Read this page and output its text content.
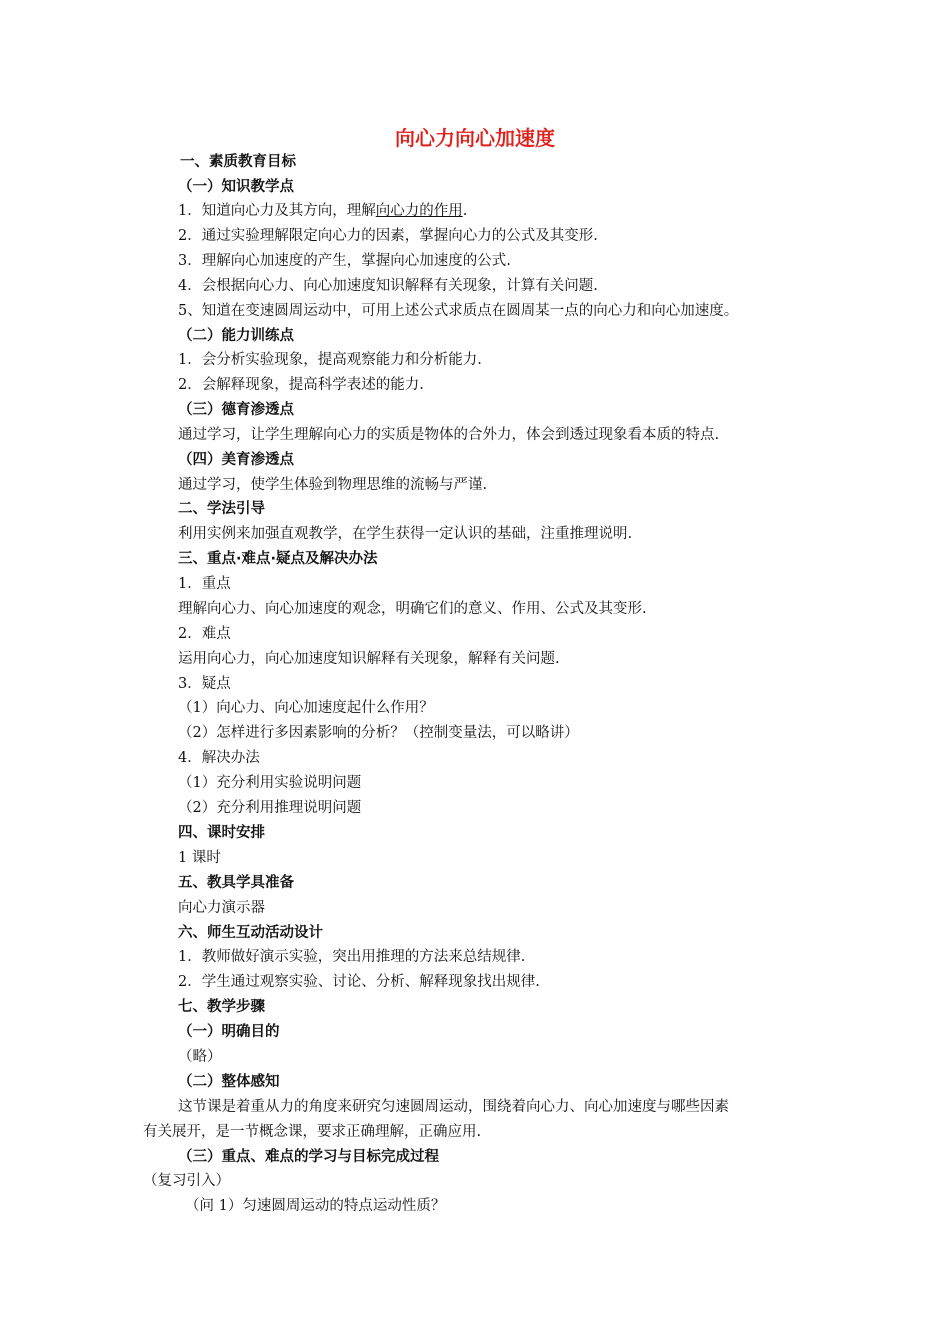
向心力向心加速度
一、素质教育目标
（一）知识教学点
1．知道向心力及其方向，理解向心力的作用.
2．通过实验理解限定向心力的因素，掌握向心力的公式及其变形.
3．理解向心加速度的产生，掌握向心加速度的公式.
4．会根据向心力、向心加速度知识解释有关现象，计算有关问题.
5、知道在变速圆周运动中，可用上述公式求质点在圆周某一点的向心力和向心加速度。
（二）能力训练点
1．会分析实验现象，提高观察能力和分析能力.
2．会解释现象，提高科学表述的能力.
（三）德育渗透点
通过学习，让学生理解向心力的实质是物体的合外力，体会到透过现象看本质的特点.
（四）美育渗透点
通过学习，使学生体验到物理思维的流畅与严谨.
二、学法引导
利用实例来加强直观教学，在学生获得一定认识的基础，注重推理说明.
三、重点·难点·疑点及解决办法
1．重点
理解向心力、向心加速度的观念，明确它们的意义、作用、公式及其变形.
2．难点
运用向心力，向心加速度知识解释有关现象，解释有关问题.
3．疑点
（1）向心力、向心加速度起什么作用？
（2）怎样进行多因素影响的分析？（控制变量法，可以略讲）
4．解决办法
（1）充分利用实验说明问题
（2）充分利用推理说明问题
四、课时安排
1 课时
五、教具学具准备
向心力演示器
六、师生互动活动设计
1．教师做好演示实验，突出用推理的方法来总结规律.
2．学生通过观察实验、讨论、分析、解释现象找出规律.
七、教学步骤
（一）明确目的
（略）
（二）整体感知
这节课是着重从力的角度来研究匀速圆周运动，围绕着向心力、向心加速度与哪些因素
有关展开，是一节概念课，要求正确理解，正确应用.
（三）重点、难点的学习与目标完成过程
（复习引入）
（问 1）匀速圆周运动的特点运动性质？
